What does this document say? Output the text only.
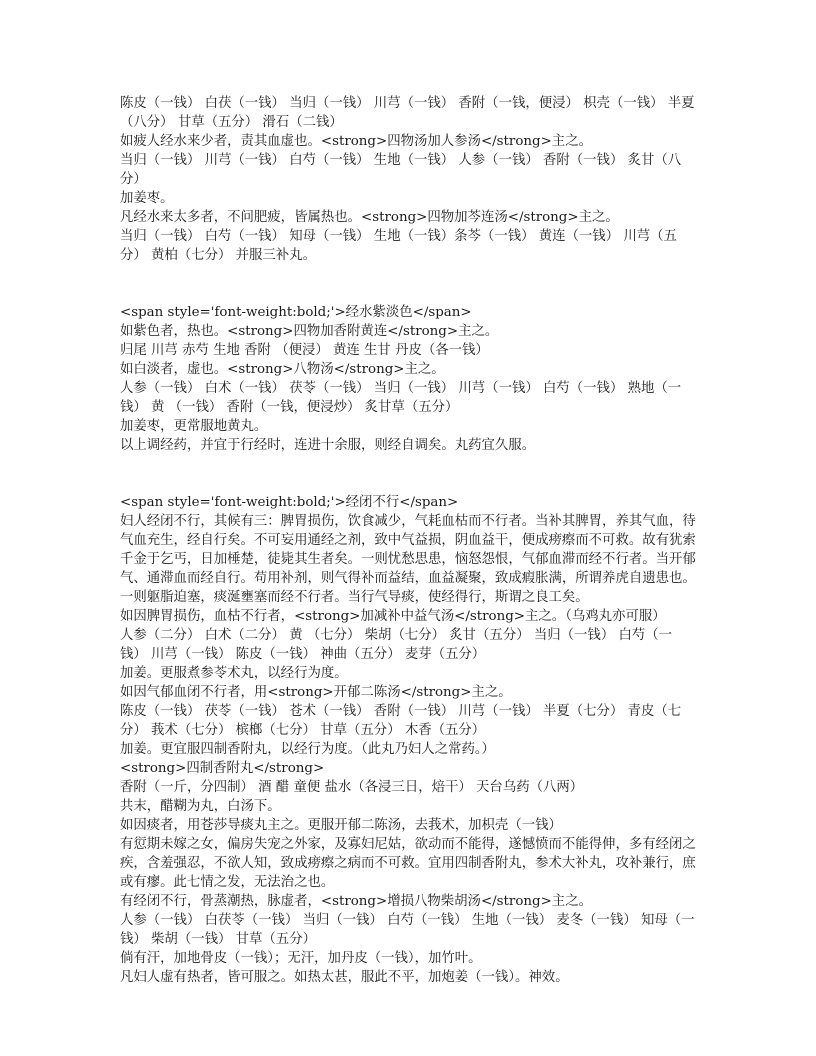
陈皮（一钱） 白茯（一钱） 当归（一钱） 川芎（一钱） 香附（一钱，便浸） 枳壳（一钱） 半夏（八分） 甘草（五分） 滑石（二钱）

如疲人经水来少者，责其血虚也。<strong>四物汤加人参汤</strong>主之。

当归（一钱） 川芎（一钱） 白芍（一钱） 生地（一钱） 人参（一钱） 香附（一钱） 炙甘（八分）

加姜枣。

凡经水来太多者，不问肥疲，皆属热也。<strong>四物加芩连汤</strong>主之。

当归（一钱） 白芍（一钱） 知母（一钱） 生地（一钱）条芩（一钱） 黄连（一钱） 川芎（五分） 黄柏（七分） 并服三补丸。

<span style='font-weight:bold;'>经水紫淡色</span>

如紫色者，热也。<strong>四物加香附黄连</strong>主之。

归尾 川芎 赤芍 生地 香附 （便浸） 黄连 生甘 丹皮（各一钱）

如白淡者，虚也。<strong>八物汤</strong>主之。

人参（一钱） 白术（一钱） 茯苓（一钱） 当归（一钱） 川芎（一钱） 白芍（一钱） 熟地（一钱） 黄 （一钱） 香附（一钱，便浸炒） 炙甘草（五分）

加姜枣，更常服地黄丸。

以上调经药，并宜于行经时，连进十余服，则经自调矣。丸药宜久服。

<span style='font-weight:bold;'>经闭不行</span>

妇人经闭不行，其候有三：脾胃损伤，饮食减少，气耗血枯而不行者。当补其脾胃，养其气血，待气血充生，经自行矣。不可妄用通经之剂，致中气益损，阴血益干，便成痨瘵而不可救。故有犹索千金于乞丐，日加棰楚，徒毙其生者矣。一则忧愁思患，恼怒怨恨，气郁血滞而经不行者。当开郁气、通滞血而经自行。苟用补剂，则气得补而益结，血益凝聚，致成瘕胀满，所谓养虎自遗患也。一则躯脂迫塞，痰涎壅塞而经不行者。当行气导痰，使经得行，斯谓之良工矣。

如因脾胃损伤，血枯不行者，<strong>加减补中益气汤</strong>主之。（乌鸡丸亦可服）

人参（二分） 白术（二分） 黄 （七分） 柴胡（七分） 炙甘（五分） 当归（一钱） 白芍（一钱） 川芎（一钱） 陈皮（一钱） 神曲（五分） 麦芽（五分）

加姜。更服煮参苓术丸，以经行为度。

如因气郁血闭不行者，用<strong>开郁二陈汤</strong>主之。

陈皮（一钱） 茯苓（一钱） 苍术（一钱） 香附（一钱） 川芎（一钱） 半夏（七分） 青皮（七分） 莪术（七分） 槟榔（七分） 甘草（五分） 木香（五分）

加姜。更宜服四制香附丸，以经行为度。（此丸乃妇人之常药。）

<strong>四制香附丸</strong>

香附（一斤，分四制） 酒 醋 童便 盐水（各浸三日，焙干） 天台乌药（八两）

共末，醋糊为丸，白汤下。

如因痰者，用苍莎导痰丸主之。更服开郁二陈汤，去莪术，加枳壳（一钱）

有愆期未嫁之女，偏房失宠之外家，及寡妇尼姑，欲动而不能得，遂憾愤而不能得伸，多有经闭之疾，含羞强忍，不欲人知，致成痨瘵之病而不可救。宜用四制香附丸，参术大补丸，攻补兼行，庶或有瘳。此七情之发，无法治之也。

有经闭不行，骨蒸潮热，脉虚者，<strong>增损八物柴胡汤</strong>主之。

人参（一钱） 白茯苓（一钱） 当归（一钱） 白芍（一钱） 生地（一钱） 麦冬（一钱） 知母（一钱） 柴胡（一钱） 甘草（五分）

倘有汗，加地骨皮（一钱）；无汗，加丹皮（一钱），加竹叶。

凡妇人虚有热者，皆可服之。如热太甚，服此不平，加炮姜（一钱）。神效。
